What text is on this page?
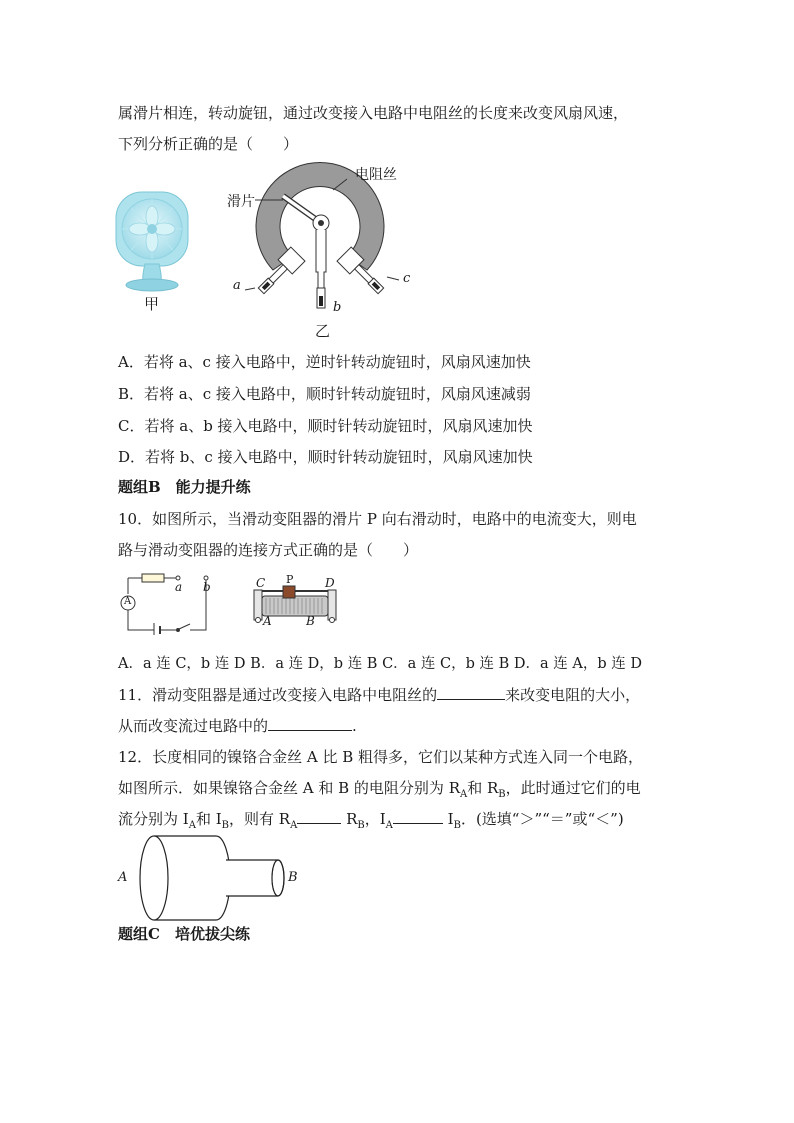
属滑片相连，转动旋钮，通过改变接入电路中电阻丝的长度来改变风扇风速，
下列分析正确的是（　　）
甲
电阻丝
滑片
a
b
c
乙
A．若将 a、c 接入电路中，逆时针转动旋钮时，风扇风速加快
B．若将 a、c 接入电路中，顺时针转动旋钮时，风扇风速减弱
C．若将 a、b 接入电路中，顺时针转动旋钮时，风扇风速加快
D．若将 b、c 接入电路中，顺时针转动旋钮时，风扇风速加快
题组B　能力提升练
10．如图所示，当滑动变阻器的滑片 P 向右滑动时，电路中的电流变大，则电
路与滑动变阻器的连接方式正确的是（　　）
A
a b	C P	D
A	B
A．a 连 C，b 连 D B．a 连 D，b 连 B C．a 连 C，b 连 B D．a 连 A，b 连 D
11．滑动变阻器是通过改变接入电路中电阻丝的	来改变电阻的大小，
从而改变流过电路中的	.
12．长度相同的镍铬合金丝 A 比 B 粗得多，它们以某种方式连入同一个电路，
如图所示．如果镍铬合金丝 A 和 B 的电阻分别为 $R_A$和 $R_B$，此时通过它们的电
流分别为 $I_A$和 $I_B$，则有 $R_A$	$R_B$，$I_A$	$I_B$．(选填“＞”“＝”或“＜”)
A	B
题组C　培优拔尖练
